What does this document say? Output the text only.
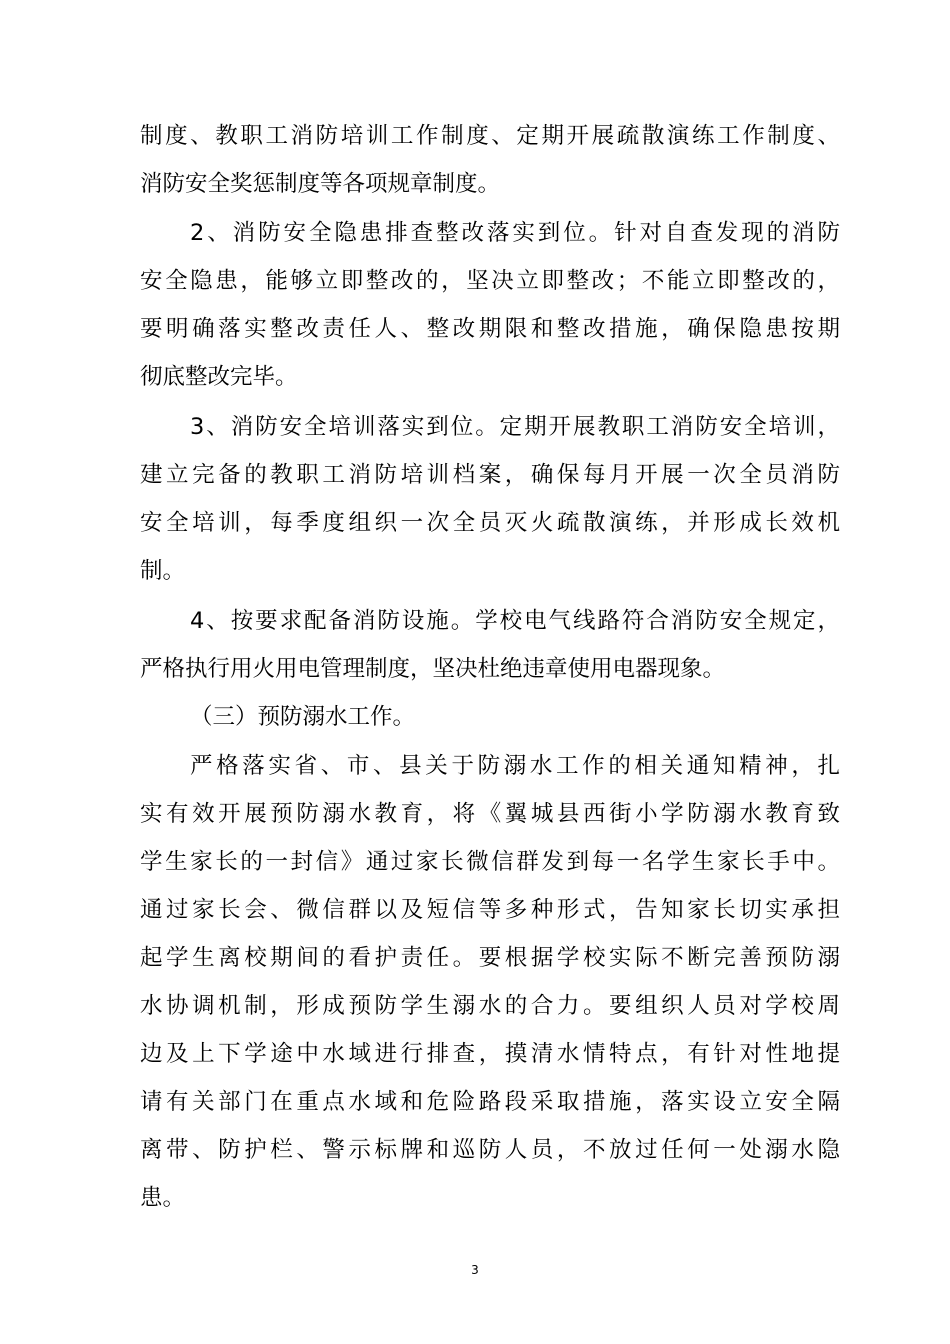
制度、教职工消防培训工作制度、定期开展疏散演练工作制度、
消防安全奖惩制度等各项规章制度。
2、消防安全隐患排查整改落实到位。针对自查发现的消防
安全隐患，能够立即整改的，坚决立即整改；不能立即整改的，
要明确落实整改责任人、整改期限和整改措施，确保隐患按期
彻底整改完毕。
3、消防安全培训落实到位。定期开展教职工消防安全培训，
建立完备的教职工消防培训档案，确保每月开展一次全员消防
安全培训，每季度组织一次全员灭火疏散演练，并形成长效机
制。
4、按要求配备消防设施。学校电气线路符合消防安全规定，
严格执行用火用电管理制度，坚决杜绝违章使用电器现象。
（三）预防溺水工作。
严格落实省、市、县关于防溺水工作的相关通知精神，扎
实有效开展预防溺水教育，将《翼城县西街小学防溺水教育致
学生家长的一封信》通过家长微信群发到每一名学生家长手中。
通过家长会、微信群以及短信等多种形式，告知家长切实承担
起学生离校期间的看护责任。要根据学校实际不断完善预防溺
水协调机制，形成预防学生溺水的合力。要组织人员对学校周
边及上下学途中水域进行排查，摸清水情特点，有针对性地提
请有关部门在重点水域和危险路段采取措施，落实设立安全隔
离带、防护栏、警示标牌和巡防人员，不放过任何一处溺水隐
患。
3
